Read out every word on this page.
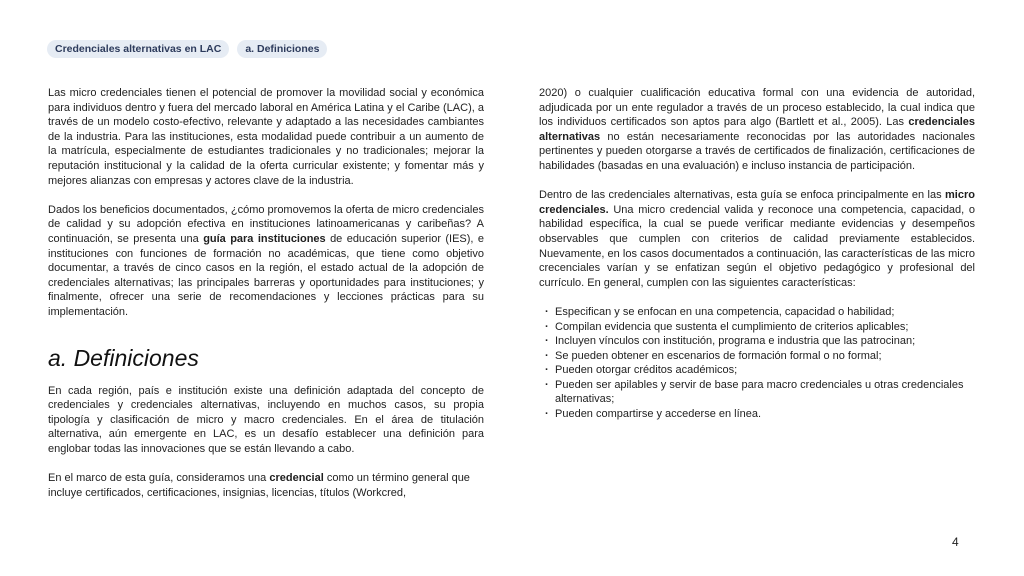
Credenciales alternativas en LAC	a. Definiciones

Las micro credenciales tienen el potencial de promover la movilidad social y económica para individuos dentro y fuera del mercado laboral en América Latina y el Caribe (LAC), a través de un modelo costo-efectivo, relevante y adaptado a las necesidades cambiantes de la industria. Para las instituciones, esta modalidad puede contribuir a un aumento de la matrícula, especialmente de estudiantes tradicionales y no tradicionales; mejorar la reputación institucional y la calidad de la oferta curricular existente; y fomentar más y mejores alianzas con empresas y actores clave de la industria.

Dados los beneficios documentados, ¿cómo promovemos la oferta de micro credenciales de calidad y su adopción efectiva en instituciones latinoamericanas y caribeñas? A continuación, se presenta una guía para instituciones de educación superior (IES), e instituciones con funciones de formación no académicas, que tiene como objetivo documentar, a través de cinco casos en la región, el estado actual de la adopción de credenciales alternativas; las principales barreras y oportunidades para instituciones; y finalmente, ofrecer una serie de recomendaciones y lecciones prácticas para su implementación.

a. Definiciones

En cada región, país e institución existe una definición adaptada del concepto de credenciales y credenciales alternativas, incluyendo en muchos casos, su propia tipología y clasificación de micro y macro credenciales. En el área de titulación alternativa, aún emergente en LAC, es un desafío establecer una definición para englobar todas las innovaciones que se están llevando a cabo.

En el marco de esta guía, consideramos una credencial como un término general que incluye certificados, certificaciones, insignias, licencias, títulos (Workcred,

2020) o cualquier cualificación educativa formal con una evidencia de autoridad, adjudicada por un ente regulador a través de un proceso establecido, la cual indica que los individuos certificados son aptos para algo (Bartlett et al., 2005). Las credenciales alternativas no están necesariamente reconocidas por las autoridades nacionales pertinentes y pueden otorgarse a través de certificados de finalización, certificaciones de habilidades (basadas en una evaluación) e incluso instancia de participación.

Dentro de las credenciales alternativas, esta guía se enfoca principalmente en las micro credenciales. Una micro credencial valida y reconoce una competencia, capacidad, o habilidad específica, la cual se puede verificar mediante evidencias y desempeños observables que cumplen con criterios de calidad previamente establecidos. Nuevamente, en los casos documentados a continuación, las características de las micro crecenciales varían y se enfatizan según el objetivo pedagógico y profesional del currículo. En general, cumplen con las siguientes características:

· Especifican y se enfocan en una competencia, capacidad o habilidad;
· Compilan evidencia que sustenta el cumplimiento de criterios aplicables;
· Incluyen vínculos con institución, programa e industria que las patrocinan;
· Se pueden obtener en escenarios de formación formal o no formal;
· Pueden otorgar créditos académicos;
· Pueden ser apilables y servir de base para macro credenciales u otras credenciales alternativas;
· Pueden compartirse y accederse en línea.
4
